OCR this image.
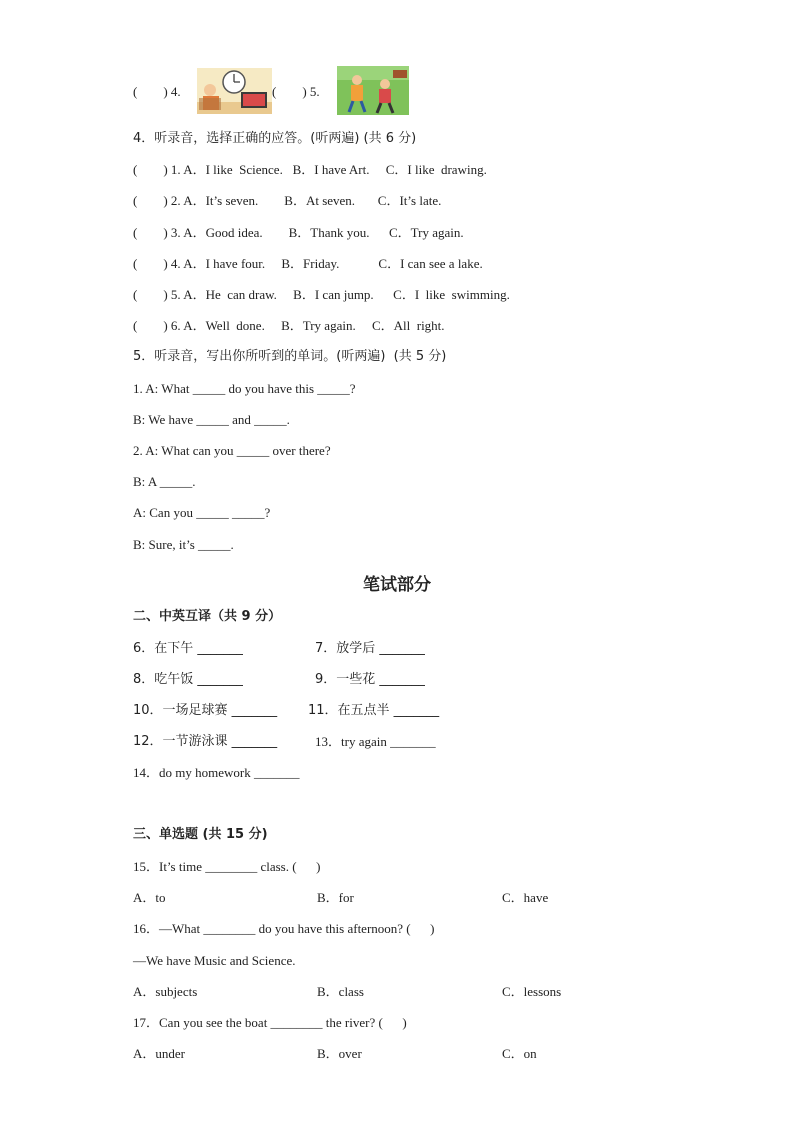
(        ) 4.	(        ) 5.
4．听录音，选择正确的应答。(听两遍) (共 6 分)
(        ) 1. A．I like  Science.   B．I have Art.     C．I like  drawing.
(        ) 2. A．It’s seven.        B．At seven.       C．It’s late.
(        ) 3. A．Good idea.        B．Thank you.      C．Try again.
(        ) 4. A．I have four.     B．Friday.            C．I can see a lake.
(        ) 5. A．He  can draw.     B．I can jump.      C．I  like  swimming.
(        ) 6. A．Well  done.     B．Try again.     C．All  right.
5．听录音，写出你所听到的单词。(听两遍)  (共 5 分)
1. A: What _____ do you have this _____?
B: We have _____ and _____.
2. A: What can you _____ over there?
B: A _____.
A: Can you _____ _____?
B: Sure, it’s _____.
笔试部分
二、中英互译（共 9 分）
6．在下午 _______	7．放学后 _______
8．吃午饭 _______	9．一些花 _______
10．一场足球赛 _______ 11．在五点半 _______
12．一节游泳课 _______	13．try again _______
14．do my homework _______
三、单选题 (共 15 分)
15．It’s time ________ class. (      )
A．to	B．for	C．have
16．—What ________ do you have this afternoon? (      )
—We have Music and Science.
A．subjects	B．class	C．lessons
17．Can you see the boat ________ the river? (      )
A．under	B．over	C．on
